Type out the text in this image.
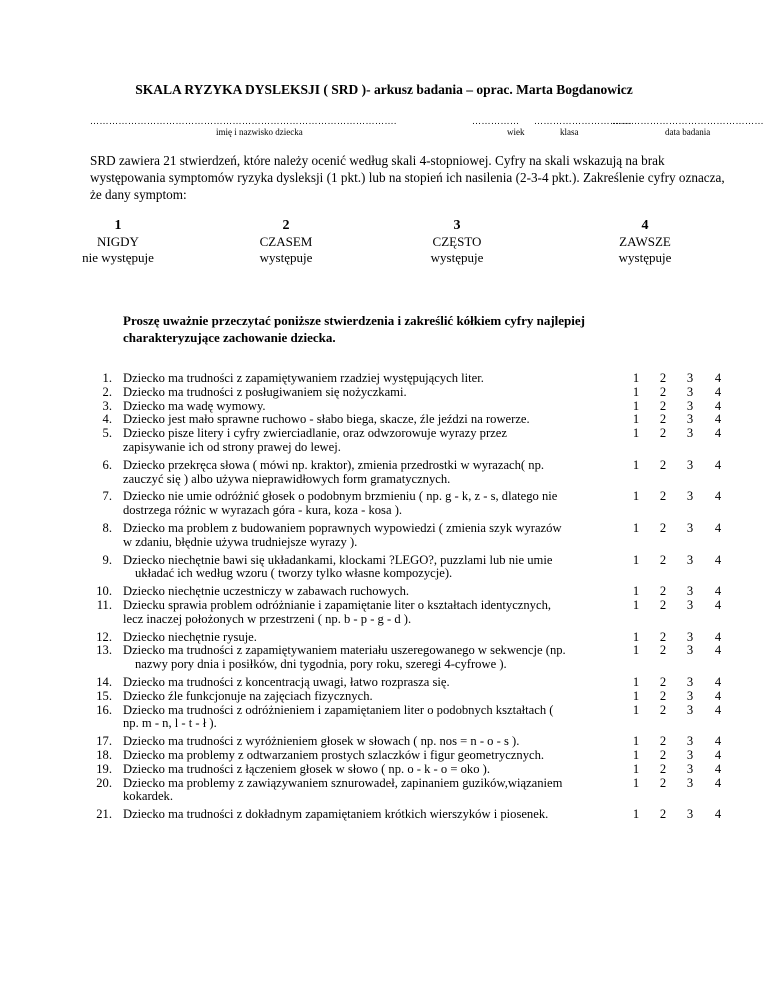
SKALA RYZYKA DYSLEKSJI ( SRD )- arkusz badania – oprac. Marta Bogdanowicz
…………………………………………………………………………………….	……………	………………………….
…………………………………………
imię i nazwisko dziecka	wiek	klasa	data badania
SRD zawiera 21 stwierdzeń, które należy ocenić według skali 4-stopniowej. Cyfry na skali wskazują na brak występowania symptomów ryzyka dysleksji (1 pkt.) lub na stopień ich nasilenia (2-3-4 pkt.). Zakreślenie cyfry oznacza, że dany symptom:
1
NIGDY
nie występuje
2
CZASEM
występuje
3
CZĘSTO
występuje
4
ZAWSZE
występuje
Proszę uważnie przeczytać poniższe stwierdzenia i zakreślić kółkiem cyfry najlepiej charakteryzujące zachowanie dziecka.
1. Dziecko ma trudności z zapamiętywaniem rzadziej występujących liter.	1 2 3 4
2. Dziecko ma trudności z posługiwaniem się nożyczkami.	1 2 3 4
3. Dziecko ma wadę wymowy.	1 2 3 4
4. Dziecko jest mało sprawne ruchowo - słabo biega, skacze, źle jeździ na rowerze.	1 2 3 4
5. Dziecko pisze litery i cyfry zwierciadlanie, oraz odwzorowuje wyrazy przez
zapisywanie ich od strony prawej do lewej.
1 2 3 4
6. Dziecko przekręca słowa ( mówi np. kraktor), zmienia przedrostki w wyrazach( np.
zauczyć się ) albo używa nieprawidłowych form gramatycznych.
1 2 3 4
7. Dziecko nie umie odróżnić głosek o podobnym brzmieniu ( np. g - k, z - s, dlatego nie
dostrzega różnic w wyrazach góra - kura, koza - kosa ).
1 2 3 4
8. Dziecko ma problem z budowaniem poprawnych wypowiedzi ( zmienia szyk wyrazów
w zdaniu, błędnie używa trudniejsze wyrazy ).
1 2 3 4
9. Dziecko niechętnie bawi się układankami, klockami ?LEGO?, puzzlami lub nie umie
układać ich według wzoru ( tworzy tylko własne kompozycje).
1 2 3 4
10. Dziecko niechętnie uczestniczy w zabawach ruchowych.	1 2 3 4
11. Dziecku sprawia problem odróżnianie i zapamiętanie liter o kształtach identycznych,
lecz inaczej położonych w przestrzeni ( np. b - p - g - d ).
1 2 3 4
12. Dziecko niechętnie rysuje.	1 2 3 4
13. Dziecko ma trudności z zapamiętywaniem materiału uszeregowanego w sekwencje (np.
nazwy pory dnia i posiłków, dni tygodnia, pory roku, szeregi 4-cyfrowe ).
1 2 3 4
14. Dziecko ma trudności z koncentracją uwagi, łatwo rozprasza się.	1 2 3 4
15. Dziecko źle funkcjonuje na zajęciach fizycznych.	1 2 3 4
16. Dziecko ma trudności z odróżnieniem i zapamiętaniem liter o podobnych kształtach (
np. m - n, l - t - ł ).
1 2 3 4
17. Dziecko ma trudności z wyróżnieniem głosek w słowach ( np. nos = n - o - s ).	1 2 3 4
18. Dziecko ma problemy z odtwarzaniem prostych szlaczków i figur geometrycznych.	1 2 3 4
19. Dziecko ma trudności z łączeniem głosek w słowo ( np. o - k - o = oko ).	1 2 3 4
20. Dziecko ma problemy z zawiązywaniem sznurowadeł, zapinaniem guzików,wiązaniem
kokardek.
1 2 3 4
21. Dziecko ma trudności z dokładnym zapamiętaniem krótkich wierszyków i piosenek.	1 2 3 4
